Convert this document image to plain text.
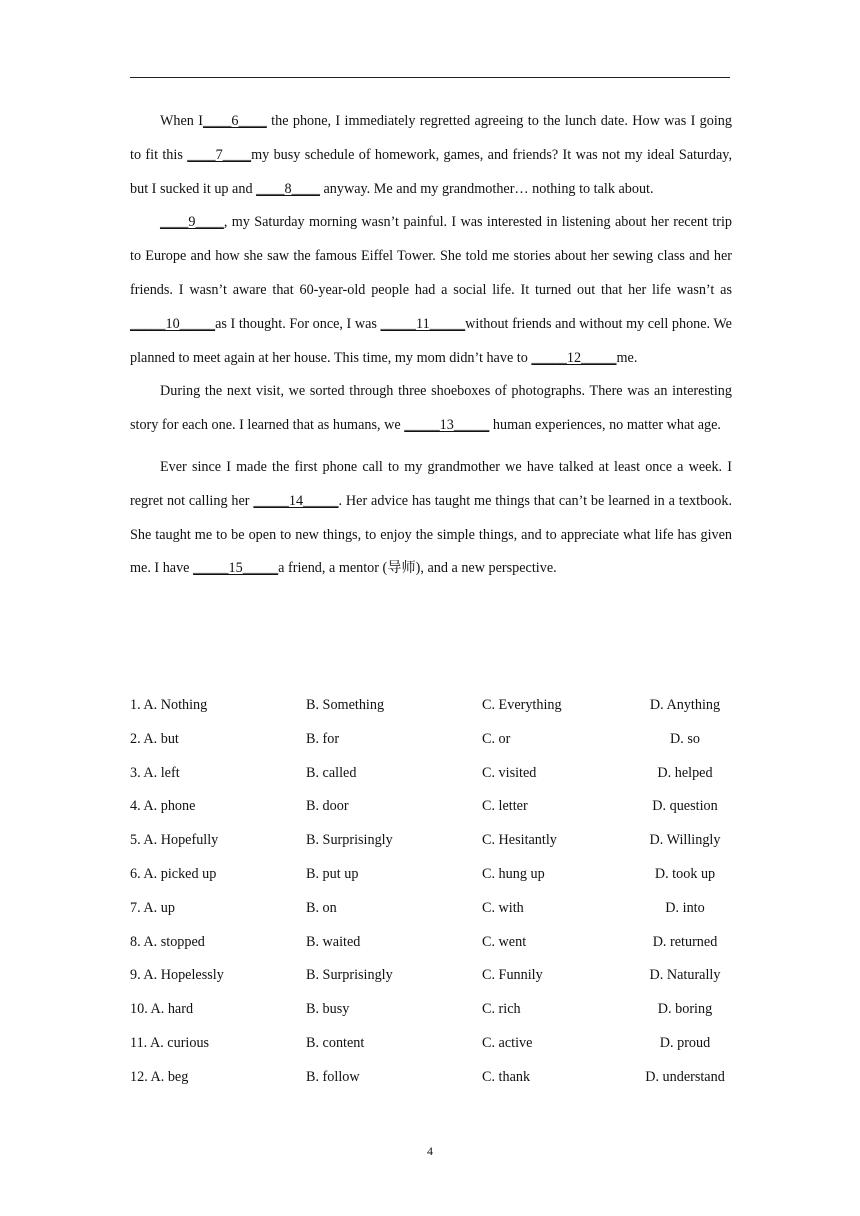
When I____6____ the phone, I immediately regretted agreeing to the lunch date. How was I going to fit this ____7____my busy schedule of homework, games, and friends? It was not my ideal Saturday, but I sucked it up and ____8____ anyway. Me and my grandmother… nothing to talk about.

____9____, my Saturday morning wasn’t painful. I was interested in listening about her recent trip to Europe and how she saw the famous Eiffel Tower. She told me stories about her sewing class and her friends. I wasn’t aware that 60-year-old people had a social life. It turned out that her life wasn’t as _____10_____as I thought. For once, I was _____11_____without friends and without my cell phone. We planned to meet again at her house. This time, my mom didn’t have to _____12_____me.

During the next visit, we sorted through three shoeboxes of photographs. There was an interesting story for each one. I learned that as humans, we _____13_____ human experiences, no matter what age.

Ever since I made the first phone call to my grandmother we have talked at least once a week. I regret not calling her _____14_____. Her advice has taught me things that can’t be learned in a textbook. She taught me to be open to new things, to enjoy the simple things, and to appreciate what life has given me. I have _____15_____a friend, a mentor (导师), and a new perspective.

1. A. Nothing	B. Something	C. Everything	D. Anything
2. A. but	B. for	C. or	D. so
3. A. left	B. called	C. visited	D. helped
4. A. phone	B. door	C. letter	D. question
5. A. Hopefully	B. Surprisingly	C. Hesitantly	D. Willingly
6. A. picked up	B. put up	C. hung up	D. took up
7. A. up	B. on	C. with	D. into
8. A. stopped	B. waited	C. went	D. returned
9. A. Hopelessly	B. Surprisingly	C. Funnily	D. Naturally
10. A. hard	B. busy	C. rich	D. boring
11. A. curious	B. content	C. active	D. proud
12. A. beg	B. follow	C. thank	D. understand
4
